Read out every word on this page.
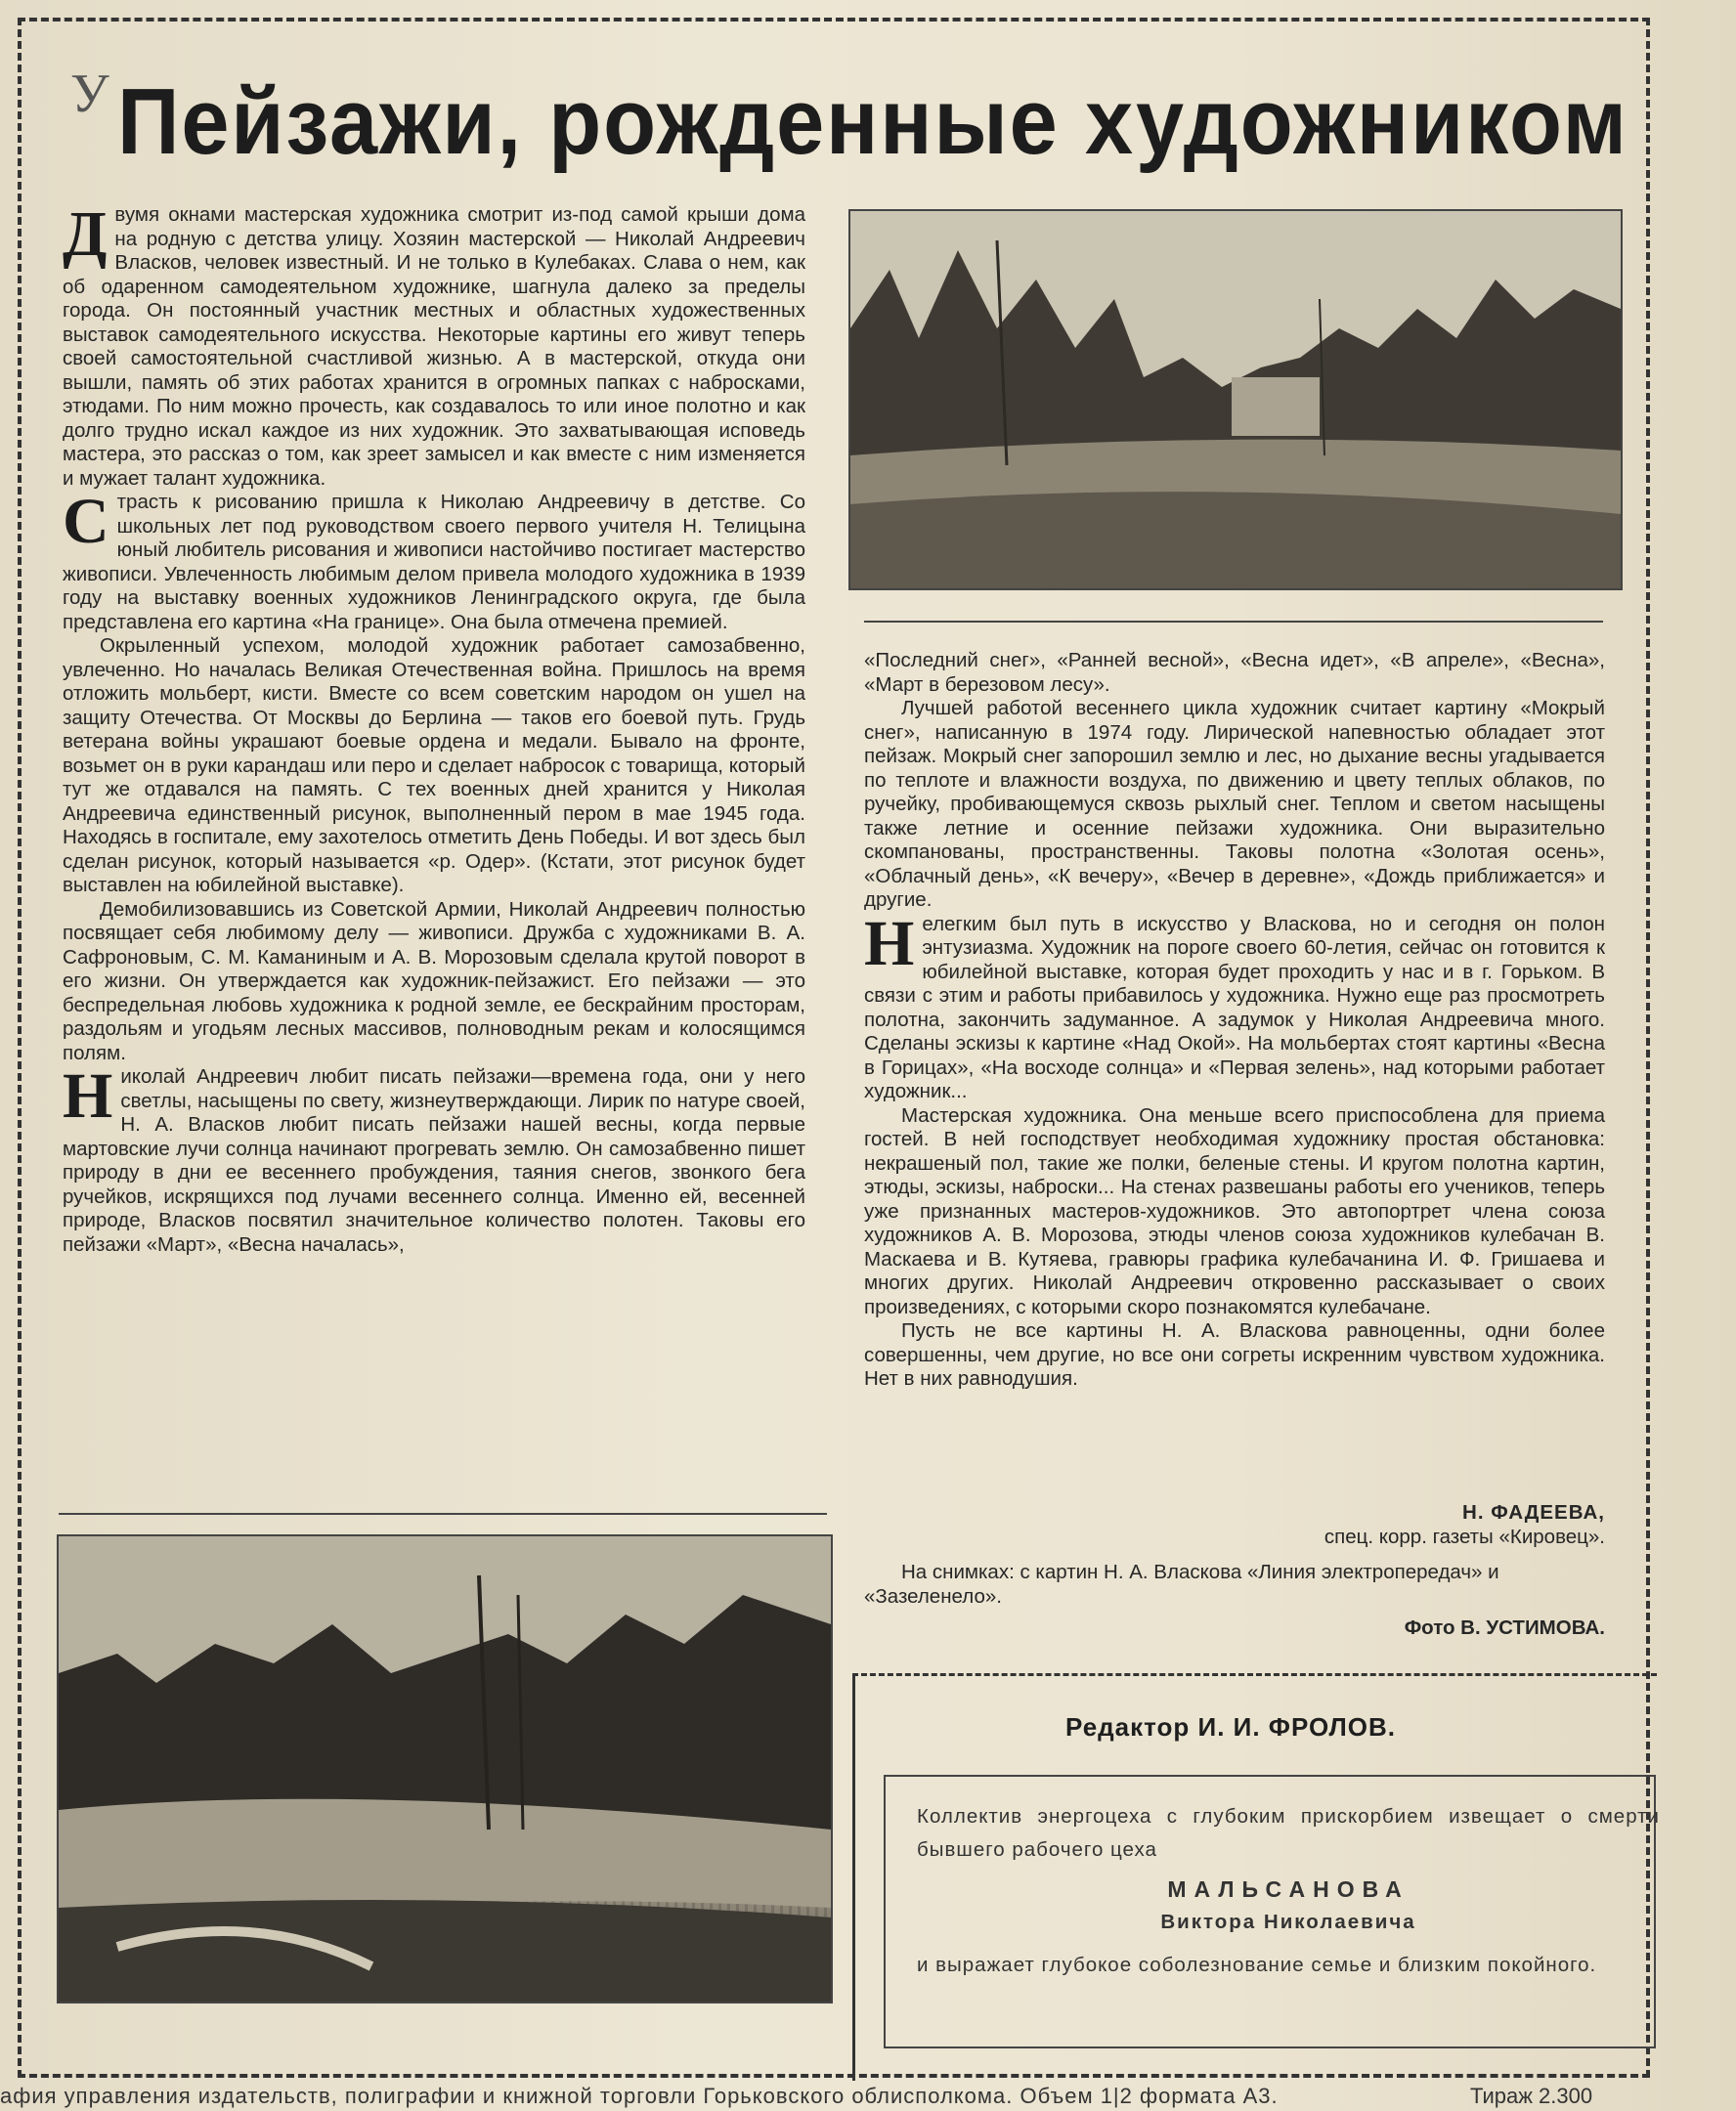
У Пейзажи, рожденные художником

Двумя окнами мастерская художника смотрит из-под самой крыши дома на родную с детства улицу. Хозяин мастерской — Николай Андреевич Власков, человек известный. И не только в Кулебаках. Слава о нем, как об одаренном самодеятельном художнике, шагнула далеко за пределы города. Он постоянный участник местных и областных художественных выставок самодеятельного искусства. Некоторые картины его живут теперь своей самостоятельной счастливой жизнью. А в мастерской, откуда они вышли, память об этих работах хранится в огромных папках с набросками, этюдами. По ним можно прочесть, как создавалось то или иное полотно и как долго трудно искал каждое из них художник. Это захватывающая исповедь мастера, это рассказ о том, как зреет замысел и как вместе с ним изменяется и мужает талант художника.

Страсть к рисованию пришла к Николаю Андреевичу в детстве. Со школьных лет под руководством своего первого учителя Н. Телицына юный любитель рисования и живописи настойчиво постигает мастерство живописи. Увлеченность любимым делом привела молодого художника в 1939 году на выставку военных художников Ленинградского округа, где была представлена его картина «На границе». Она была отмечена премией.

Окрыленный успехом, молодой художник работает самозабвенно, увлеченно. Но началась Великая Отечественная война. Пришлось на время отложить мольберт, кисти. Вместе со всем советским народом он ушел на защиту Отечества. От Москвы до Берлина — таков его боевой путь. Грудь ветерана войны украшают боевые ордена и медали. Бывало на фронте, возьмет он в руки карандаш или перо и сделает набросок с товарища, который тут же отдавался на память. С тех военных дней хранится у Николая Андреевича единственный рисунок, выполненный пером в мае 1945 года. Находясь в госпитале, ему захотелось отметить День Победы. И вот здесь был сделан рисунок, который называется «р. Одер». (Кстати, этот рисунок будет выставлен на юбилейной выставке).

Демобилизовавшись из Советской Армии, Николай Андреевич полностью посвящает себя любимому делу — живописи. Дружба с художниками В. А. Сафроновым, С. М. Каманиным и А. В. Морозовым сделала крутой поворот в его жизни. Он утверждается как художник-пейзажист. Его пейзажи — это беспредельная любовь художника к родной земле, ее бескрайним просторам, раздольям и угодьям лесных массивов, полноводным рекам и колосящимся полям.

Николай Андреевич любит писать пейзажи—времена года, они у него светлы, насыщены по свету, жизнеутверждающи. Лирик по натуре своей, Н. А. Власков любит писать пейзажи нашей весны, когда первые мартовские лучи солнца начинают прогревать землю. Он самозабвенно пишет природу в дни ее весеннего пробуждения, таяния снегов, звонкого бега ручейков, искрящихся под лучами весеннего солнца. Именно ей, весенней природе, Власков посвятил значительное количество полотен. Таковы его пейзажи «Март», «Весна началась»,

«Последний снег», «Ранней весной», «Весна идет», «В апреле», «Весна», «Март в березовом лесу».

Лучшей работой весеннего цикла художник считает картину «Мокрый снег», написанную в 1974 году. Лирической напевностью обладает этот пейзаж. Мокрый снег запорошил землю и лес, но дыхание весны угадывается по теплоте и влажности воздуха, по движению и цвету теплых облаков, по ручейку, пробивающемуся сквозь рыхлый снег. Теплом и светом насыщены также летние и осенние пейзажи художника. Они выразительно скомпанованы, пространственны. Таковы полотна «Золотая осень», «Облачный день», «К вечеру», «Вечер в деревне», «Дождь приближается» и другие.

Нелегким был путь в искусство у Власкова, но и сегодня он полон энтузиазма. Художник на пороге своего 60-летия, сейчас он готовится к юбилейной выставке, которая будет проходить у нас и в г. Горьком. В связи с этим и работы прибавилось у художника. Нужно еще раз просмотреть полотна, закончить задуманное. А задумок у Николая Андреевича много. Сделаны эскизы к картине «Над Окой». На мольбертах стоят картины «Весна в Горицах», «На восходе солнца» и «Первая зелень», над которыми работает художник...

Мастерская художника. Она меньше всего приспособлена для приема гостей. В ней господствует необходимая художнику простая обстановка: некрашеный пол, такие же полки, беленые стены. И кругом полотна картин, этюды, эскизы, наброски... На стенах развешаны работы его учеников, теперь уже признанных мастеров-художников. Это автопортрет члена союза художников А. В. Морозова, этюды членов союза художников кулебачан В. Маскаева и В. Кутяева, гравюры графика кулебачанина И. Ф. Гришаева и многих других. Николай Андреевич откровенно рассказывает о своих произведениях, с которыми скоро познакомятся кулебачане.

Пусть не все картины Н. А. Власкова равноценны, одни более совершенны, чем другие, но все они согреты искренним чувством художника. Нет в них равнодушия.

Н. ФАДЕЕВА,
спец. корр. газеты «Кировец».
На снимках: с картин Н. А. Власкова «Линия электропередач» и «Зазеленело».
Фото В. УСТИМОВА.
Редактор И. И. ФРОЛОВ.
Коллектив энергоцеха с глубоким прискорбием извещает о смерти бывшего рабочего цеха
МАЛЬСАНОВА
Виктора Николаевича
и выражает глубокое соболезнование семье и близким покойного.
афия управления издательств, полиграфии и книжной торговли Горьковского облисполкома. Объем 1|2 формата А3.	Тираж 2.300
